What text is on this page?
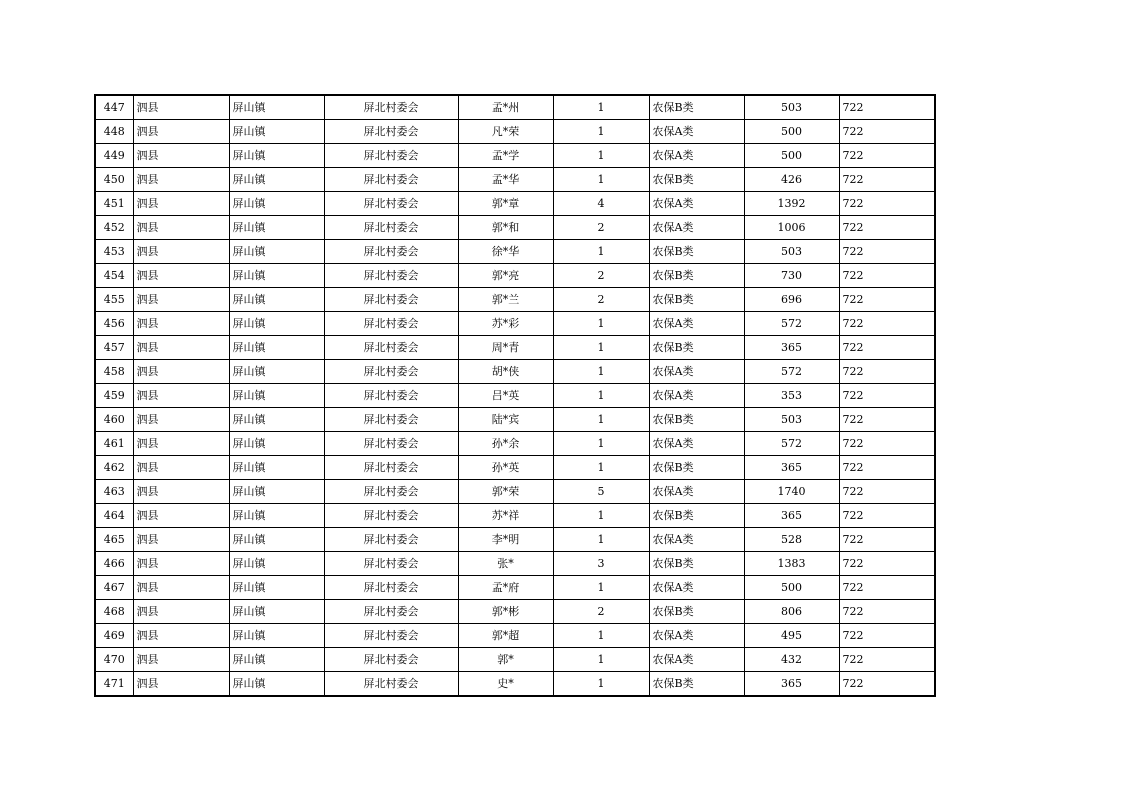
447	泗县	屏山镇	屏北村委会	孟*州	1	农保B类	503	722
448	泗县	屏山镇	屏北村委会	凡*荣	1	农保A类	500	722
449	泗县	屏山镇	屏北村委会	孟*学	1	农保A类	500	722
450	泗县	屏山镇	屏北村委会	孟*华	1	农保B类	426	722
451	泗县	屏山镇	屏北村委会	郭*章	4	农保A类	1392	722
452	泗县	屏山镇	屏北村委会	郭*和	2	农保A类	1006	722
453	泗县	屏山镇	屏北村委会	徐*华	1	农保B类	503	722
454	泗县	屏山镇	屏北村委会	郭*亮	2	农保B类	730	722
455	泗县	屏山镇	屏北村委会	郭*兰	2	农保B类	696	722
456	泗县	屏山镇	屏北村委会	苏*彩	1	农保A类	572	722
457	泗县	屏山镇	屏北村委会	周*青	1	农保B类	365	722
458	泗县	屏山镇	屏北村委会	胡*侠	1	农保A类	572	722
459	泗县	屏山镇	屏北村委会	吕*英	1	农保A类	353	722
460	泗县	屏山镇	屏北村委会	陆*宾	1	农保B类	503	722
461	泗县	屏山镇	屏北村委会	孙*余	1	农保A类	572	722
462	泗县	屏山镇	屏北村委会	孙*英	1	农保B类	365	722
463	泗县	屏山镇	屏北村委会	郭*荣	5	农保A类	1740	722
464	泗县	屏山镇	屏北村委会	苏*祥	1	农保B类	365	722
465	泗县	屏山镇	屏北村委会	李*明	1	农保A类	528	722
466	泗县	屏山镇	屏北村委会	张*	3	农保B类	1383	722
467	泗县	屏山镇	屏北村委会	孟*府	1	农保A类	500	722
468	泗县	屏山镇	屏北村委会	郭*彬	2	农保B类	806	722
469	泗县	屏山镇	屏北村委会	郭*超	1	农保A类	495	722
470	泗县	屏山镇	屏北村委会	郭*	1	农保A类	432	722
471	泗县	屏山镇	屏北村委会	史*	1	农保B类	365	722
